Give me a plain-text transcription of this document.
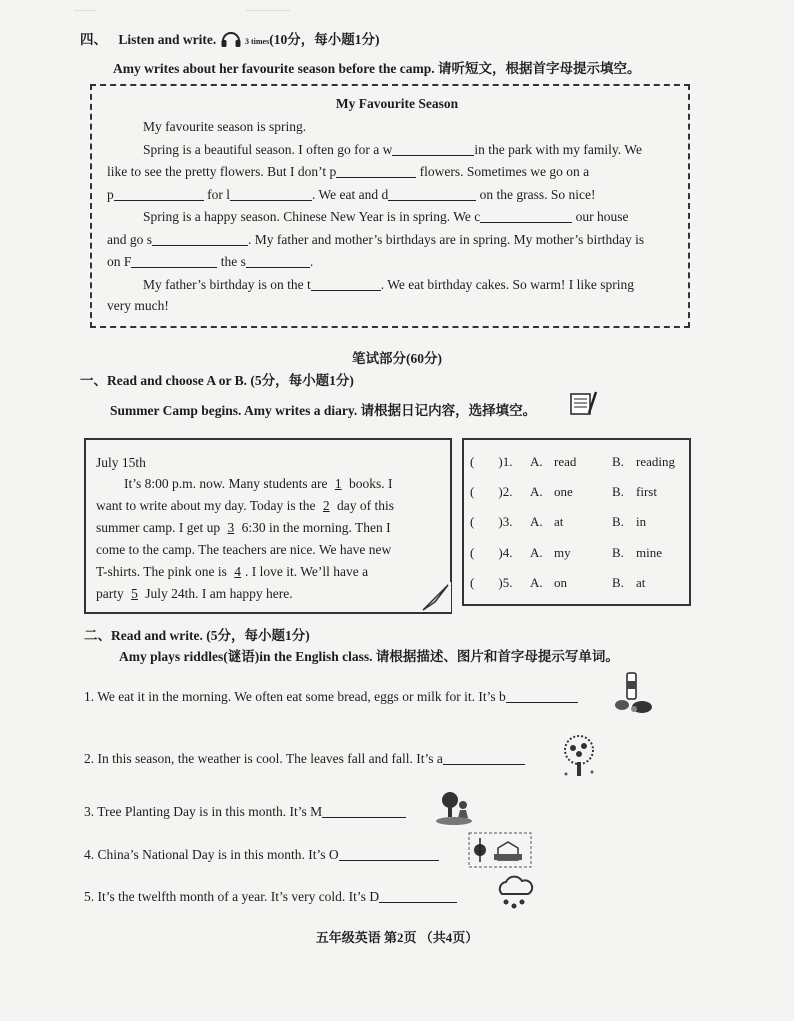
____	________
四、 Listen and write.	3 times(10分，每小题1分)
Amy writes about her favourite season before the camp. 请听短文，根据首字母提示填空。
My Favourite Season
My favourite season is spring.
Spring is a beautiful season. I often go for a w	in the park with my family. We
like to see the pretty flowers. But I don’t p	flowers. Sometimes we go on a
p	for l	. We eat and d	on the grass. So nice!
Spring is a happy season. Chinese New Year is in spring. We c	our house
and go s	. My father and mother’s birthdays are in spring. My mother’s birthday is
on F	the s	.
My father’s birthday is on the t	. We eat birthday cakes. So warm! I like spring
very much!
笔试部分(60分)
一、Read and choose A or B. (5分，每小题1分)
Summer Camp begins. Amy writes a diary. 请根据日记内容，选择填空。
July 15th
It’s 8:00 p.m. now. Many students are 1 books. I
want to write about my day. Today is the 2 day of this
summer camp. I get up 3 6:30 in the morning. Then I
come to the camp. The teachers are nice. We have new
T-shirts. The pink one is 4 . I love it. We’ll have a
party 5 July 24th. I am happy here.
( )1. A. read	B. reading
( )2. A. one	B. first
( )3. A. at	B. in
( )4. A. my	B. mine
( )5. A. on	B. at
二、Read and write. (5分，每小题1分)
Amy plays riddles(谜语)in the English class. 请根据描述、图片和首字母提示写单词。
1. We eat it in the morning. We often eat some bread, eggs or milk for it. It’s b
2. In this season, the weather is cool. The leaves fall and fall. It’s a
3. Tree Planting Day is in this month. It’s M
4. China’s National Day is in this month. It’s O
5. It’s the twelfth month of a year. It’s very cold. It’s D
五年级英语 第2页 （共4页）
